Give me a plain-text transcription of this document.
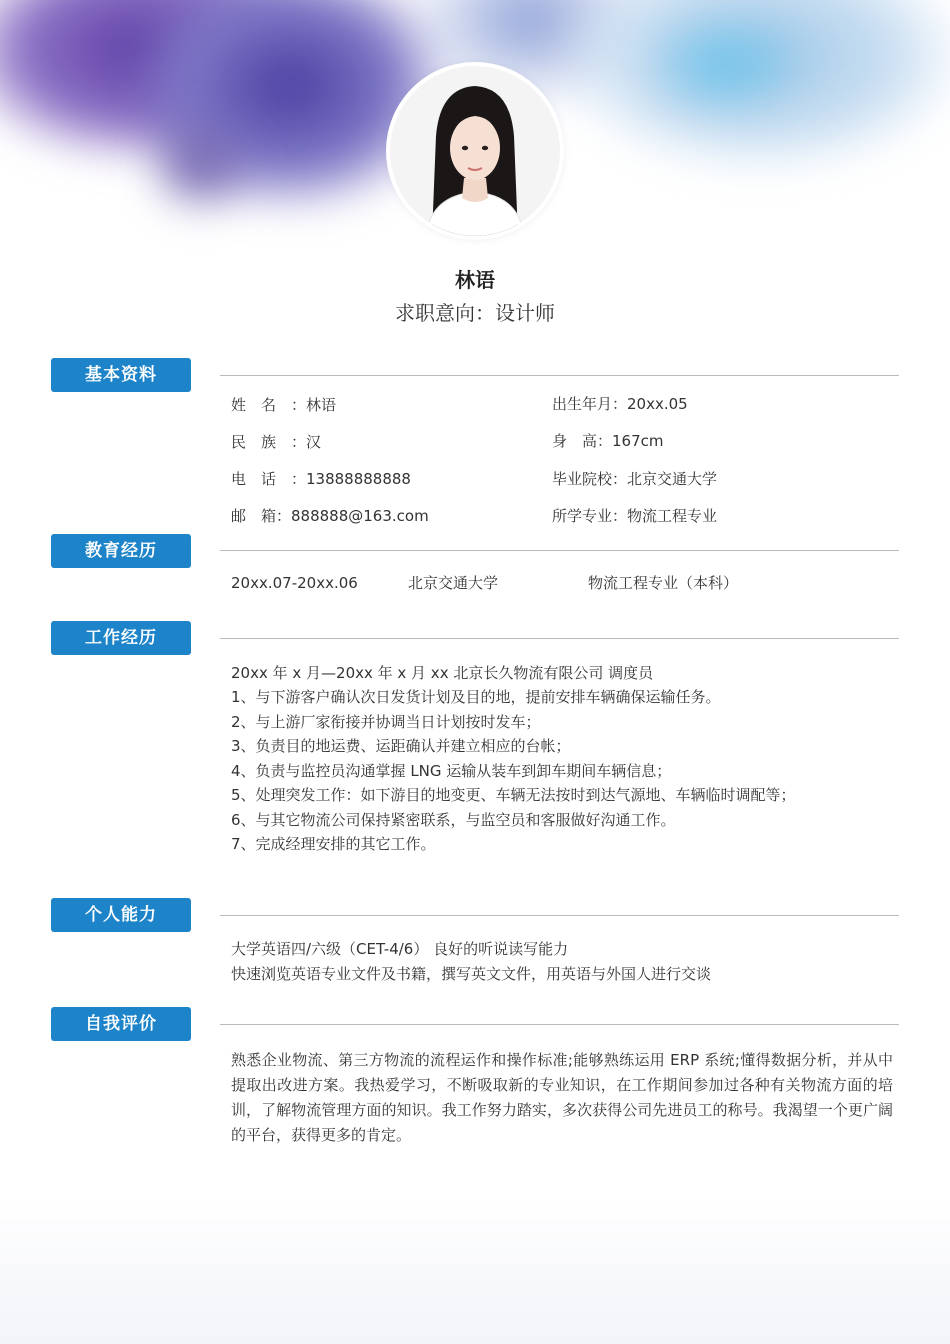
林语
求职意向：设计师
基本资料
姓　名　：林语	出生年月：20xx.05
民　族　：汉	身　高：167cm
电　话　：13888888888	毕业院校：北京交通大学
邮　箱：888888@163.com	所学专业：物流工程专业
教育经历
20xx.07-20xx.06	北京交通大学	物流工程专业（本科）
工作经历
20xx 年 x 月—20xx 年 x 月 xx 北京长久物流有限公司 调度员
1、与下游客户确认次日发货计划及目的地，提前安排车辆确保运输任务。
2、与上游厂家衔接并协调当日计划按时发车；
3、负责目的地运费、运距确认并建立相应的台帐；
4、负责与监控员沟通掌握 LNG 运输从装车到卸车期间车辆信息；
5、处理突发工作：如下游目的地变更、车辆无法按时到达气源地、车辆临时调配等；
6、与其它物流公司保持紧密联系，与监空员和客服做好沟通工作。
7、完成经理安排的其它工作。
个人能力
大学英语四/六级（CET-4/6） 良好的听说读写能力
快速浏览英语专业文件及书籍，撰写英文文件，用英语与外国人进行交谈
自我评价
熟悉企业物流、第三方物流的流程运作和操作标准;能够熟练运用 ERP 系统;懂得数据分析，并从中提取出改进方案。我热爱学习，不断吸取新的专业知识，在工作期间参加过各种有关物流方面的培训，了解物流管理方面的知识。我工作努力踏实，多次获得公司先进员工的称号。我渴望一个更广阔的平台，获得更多的肯定。
